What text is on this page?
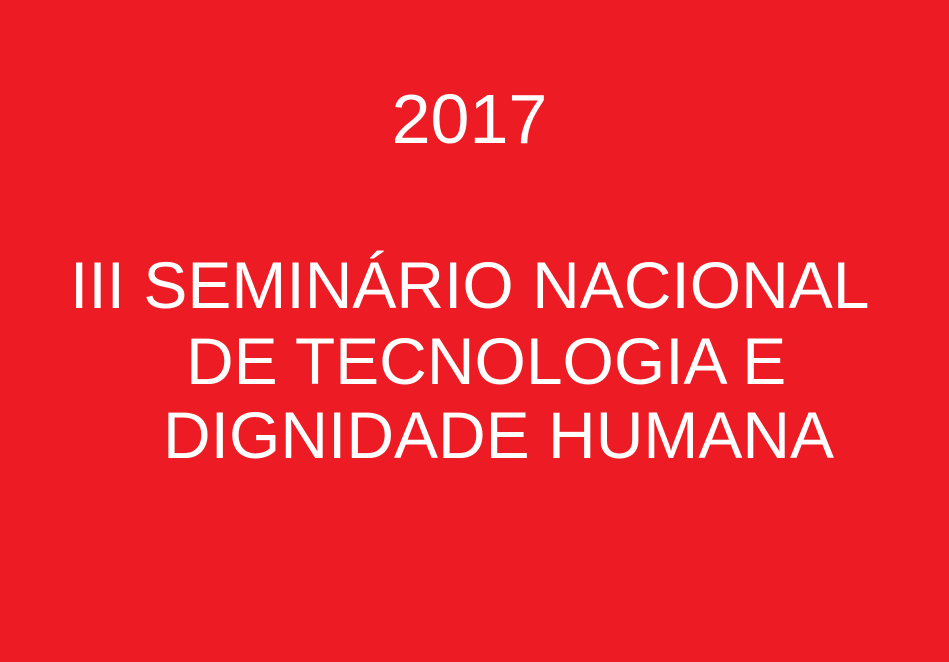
2017
III SEMINÁRIO NACIONAL
DE TECNOLOGIA E
DIGNIDADE HUMANA
